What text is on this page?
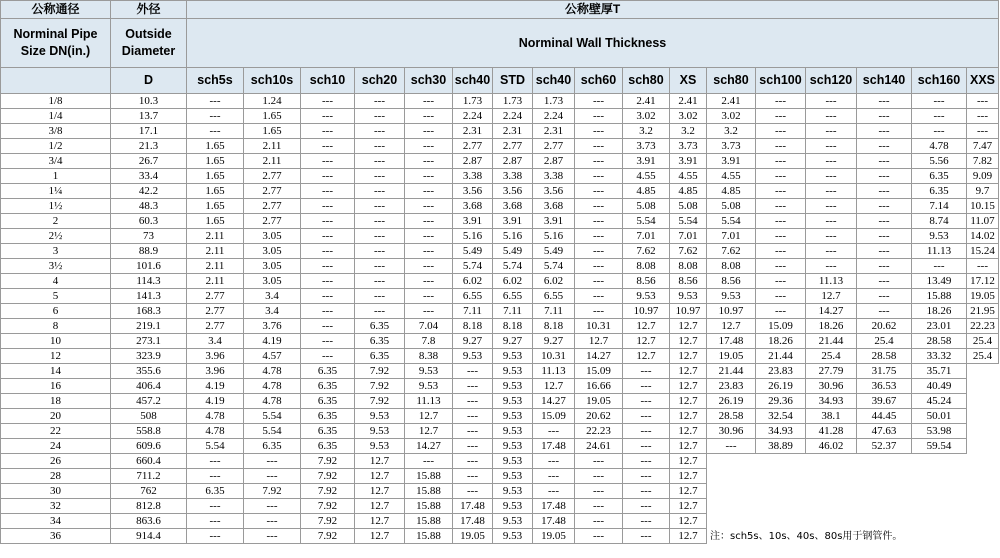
公称通径	外径	公称壁厚T																
Norminal Pipe Size DN(in.)	Outside Diameter	Norminal Wall Thickness																
	D	sch5s	sch10s	sch10	sch20	sch30	sch40	STD	sch40	sch60	sch80	XS	sch80	sch100	sch120	sch140	sch160	XXS
1/8	10.3	---	1.24	---	---	---	1.73	1.73	1.73	---	2.41	2.41	2.41	---	---	---	---	---
1/4	13.7	---	1.65	---	---	---	2.24	2.24	2.24	---	3.02	3.02	3.02	---	---	---	---	---
3/8	17.1	---	1.65	---	---	---	2.31	2.31	2.31	---	3.2	3.2	3.2	---	---	---	---	---
1/2	21.3	1.65	2.11	---	---	---	2.77	2.77	2.77	---	3.73	3.73	3.73	---	---	---	4.78	7.47
3/4	26.7	1.65	2.11	---	---	---	2.87	2.87	2.87	---	3.91	3.91	3.91	---	---	---	5.56	7.82
1	33.4	1.65	2.77	---	---	---	3.38	3.38	3.38	---	4.55	4.55	4.55	---	---	---	6.35	9.09
1¼	42.2	1.65	2.77	---	---	---	3.56	3.56	3.56	---	4.85	4.85	4.85	---	---	---	6.35	9.7
1½	48.3	1.65	2.77	---	---	---	3.68	3.68	3.68	---	5.08	5.08	5.08	---	---	---	7.14	10.15
2	60.3	1.65	2.77	---	---	---	3.91	3.91	3.91	---	5.54	5.54	5.54	---	---	---	8.74	11.07
2½	73	2.11	3.05	---	---	---	5.16	5.16	5.16	---	7.01	7.01	7.01	---	---	---	9.53	14.02
3	88.9	2.11	3.05	---	---	---	5.49	5.49	5.49	---	7.62	7.62	7.62	---	---	---	11.13	15.24
3½	101.6	2.11	3.05	---	---	---	5.74	5.74	5.74	---	8.08	8.08	8.08	---	---	---	---	---
4	114.3	2.11	3.05	---	---	---	6.02	6.02	6.02	---	8.56	8.56	8.56	---	11.13	---	13.49	17.12
5	141.3	2.77	3.4	---	---	---	6.55	6.55	6.55	---	9.53	9.53	9.53	---	12.7	---	15.88	19.05
6	168.3	2.77	3.4	---	---	---	7.11	7.11	7.11	---	10.97	10.97	10.97	---	14.27	---	18.26	21.95
8	219.1	2.77	3.76	---	6.35	7.04	8.18	8.18	8.18	10.31	12.7	12.7	12.7	15.09	18.26	20.62	23.01	22.23
10	273.1	3.4	4.19	---	6.35	7.8	9.27	9.27	9.27	12.7	12.7	12.7	17.48	18.26	21.44	25.4	28.58	25.4
12	323.9	3.96	4.57	---	6.35	8.38	9.53	9.53	10.31	14.27	12.7	12.7	19.05	21.44	25.4	28.58	33.32	25.4
14	355.6	3.96	4.78	6.35	7.92	9.53	---	9.53	11.13	15.09	---	12.7	21.44	23.83	27.79	31.75	35.71	
16	406.4	4.19	4.78	6.35	7.92	9.53	---	9.53	12.7	16.66	---	12.7	23.83	26.19	30.96	36.53	40.49	
18	457.2	4.19	4.78	6.35	7.92	11.13	---	9.53	14.27	19.05	---	12.7	26.19	29.36	34.93	39.67	45.24	
20	508	4.78	5.54	6.35	9.53	12.7	---	9.53	15.09	20.62	---	12.7	28.58	32.54	38.1	44.45	50.01	
22	558.8	4.78	5.54	6.35	9.53	12.7	---	9.53	---	22.23	---	12.7	30.96	34.93	41.28	47.63	53.98	
24	609.6	5.54	6.35	6.35	9.53	14.27	---	9.53	17.48	24.61	---	12.7	---	38.89	46.02	52.37	59.54	
26	660.4	---	---	7.92	12.7	---	---	9.53	---	---	---	12.7						
28	711.2	---	---	7.92	12.7	15.88	---	9.53	---	---	---	12.7						
30	762	6.35	7.92	7.92	12.7	15.88	---	9.53	---	---	---	12.7						
32	812.8	---	---	7.92	12.7	15.88	17.48	9.53	17.48	---	---	12.7						
34	863.6	---	---	7.92	12.7	15.88	17.48	9.53	17.48	---	---	12.7						
36	914.4	---	---	7.92	12.7	15.88	19.05	9.53	19.05	---	---	12.7	注：sch5s、10s、40s、80s用于钢管件。					
